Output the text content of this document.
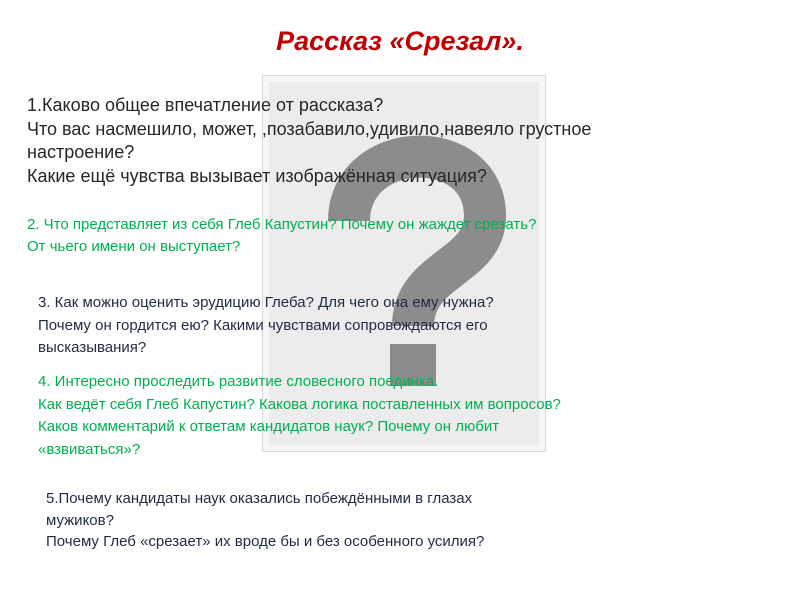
Рассказ «Срезал».
1.Каково общее впечатление от рассказа?
Что вас насмешило, может, ,позабавило,удивило,навеяло грустное
настроение?
Какие ещё чувства вызывает изображённая ситуация?
2. Что представляет из себя Глеб Капустин? Почему он жаждет срезать?
От чьего имени он выступает?
3. Как можно оценить эрудицию Глеба? Для чего она ему нужна?
Почему он гордится ею? Какими чувствами сопровождаются его
высказывания?
4. Интересно проследить развитие словесного поединка.
Как ведёт себя Глеб Капустин? Какова логика поставленных им вопросов?
Каков комментарий к ответам кандидатов наук? Почему он любит
«взвиваться»?
5.Почему кандидаты наук оказались побеждёнными в глазах
мужиков?
Почему Глеб «срезает» их вроде бы и без особенного усилия?
